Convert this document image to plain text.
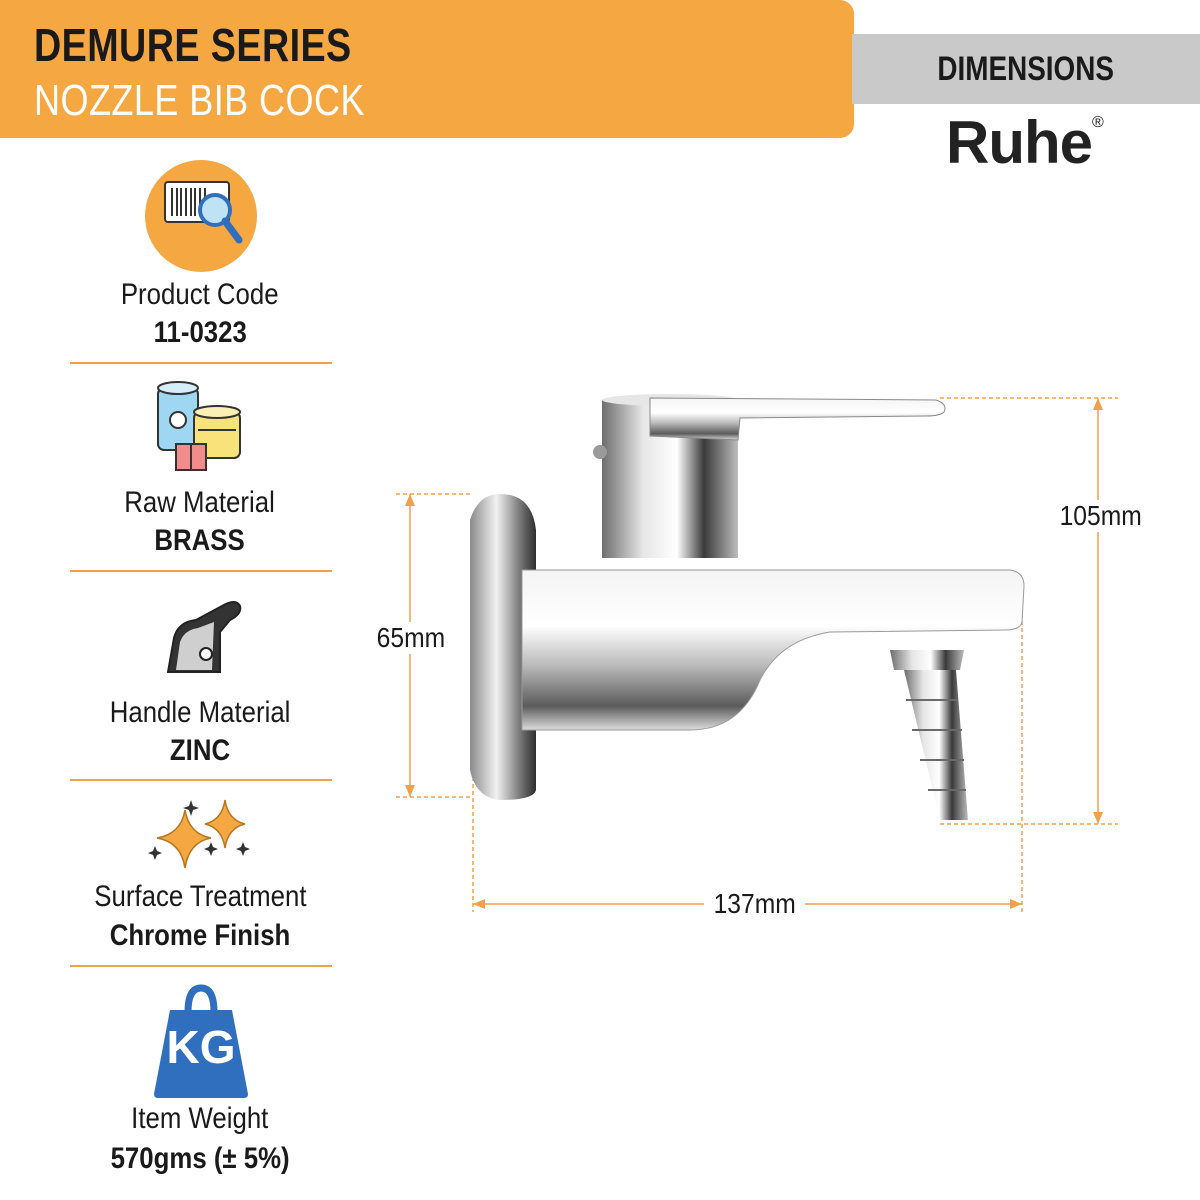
DEMURE SERIES
NOZZLE BIB COCK
DIMENSIONS
Ruhe®
Product Code
11-0323
Raw Material
BRASS
Handle Material
ZINC
Surface Treatment
Chrome Finish
KG
Item Weight
570gms (± 5%)
105mm
65mm
137mm
